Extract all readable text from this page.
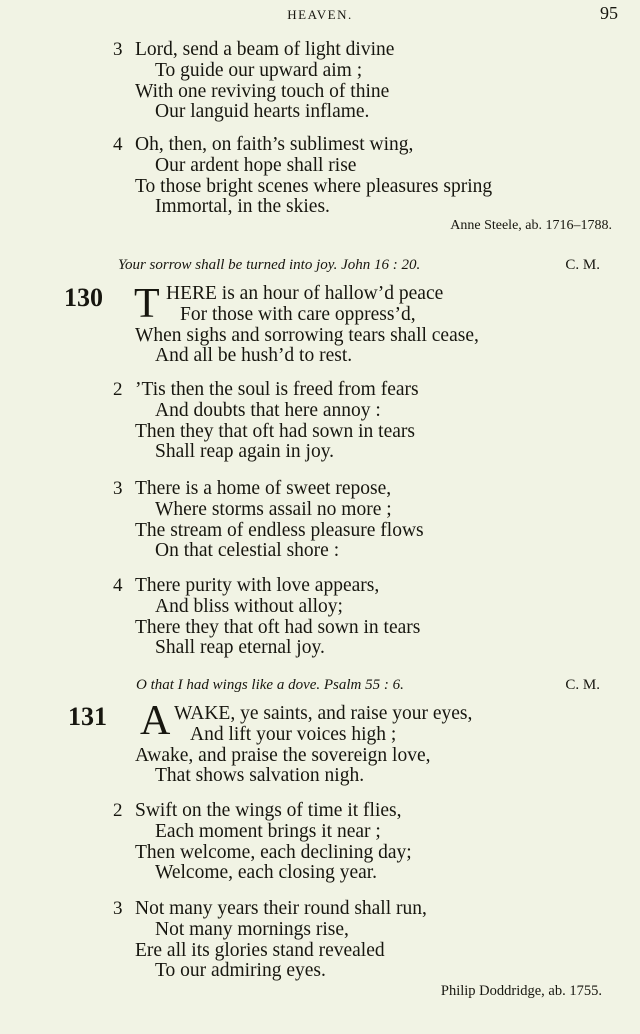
HEAVEN.	95
3 Lord, send a beam of light divine
To guide our upward aim ;
With one reviving touch of thine
Our languid hearts inflame.
4 Oh, then, on faith’s sublimest wing,
Our ardent hope shall rise
To those bright scenes where pleasures spring
Immortal, in the skies.
Anne Steele, ab. 1716–1788.
Your sorrow shall be turned into joy. John 16 : 20.	C. M.
130 T HERE is an hour of hallow’d peace
For those with care oppress’d,
When sighs and sorrowing tears shall cease,
And all be hush’d to rest.
2 ’Tis then the soul is freed from fears
And doubts that here annoy :
Then they that oft had sown in tears
Shall reap again in joy.
3 There is a home of sweet repose,
Where storms assail no more ;
The stream of endless pleasure flows
On that celestial shore :
4 There purity with love appears,
And bliss without alloy;
There they that oft had sown in tears
Shall reap eternal joy.
O that I had wings like a dove. Psalm 55 : 6.	C. M.
131 A WAKE, ye saints, and raise your eyes,
And lift your voices high ;
Awake, and praise the sovereign love,
That shows salvation nigh.
2 Swift on the wings of time it flies,
Each moment brings it near ;
Then welcome, each declining day;
Welcome, each closing year.
3 Not many years their round shall run,
Not many mornings rise,
Ere all its glories stand revealed
To our admiring eyes.
Philip Doddridge, ab. 1755.
